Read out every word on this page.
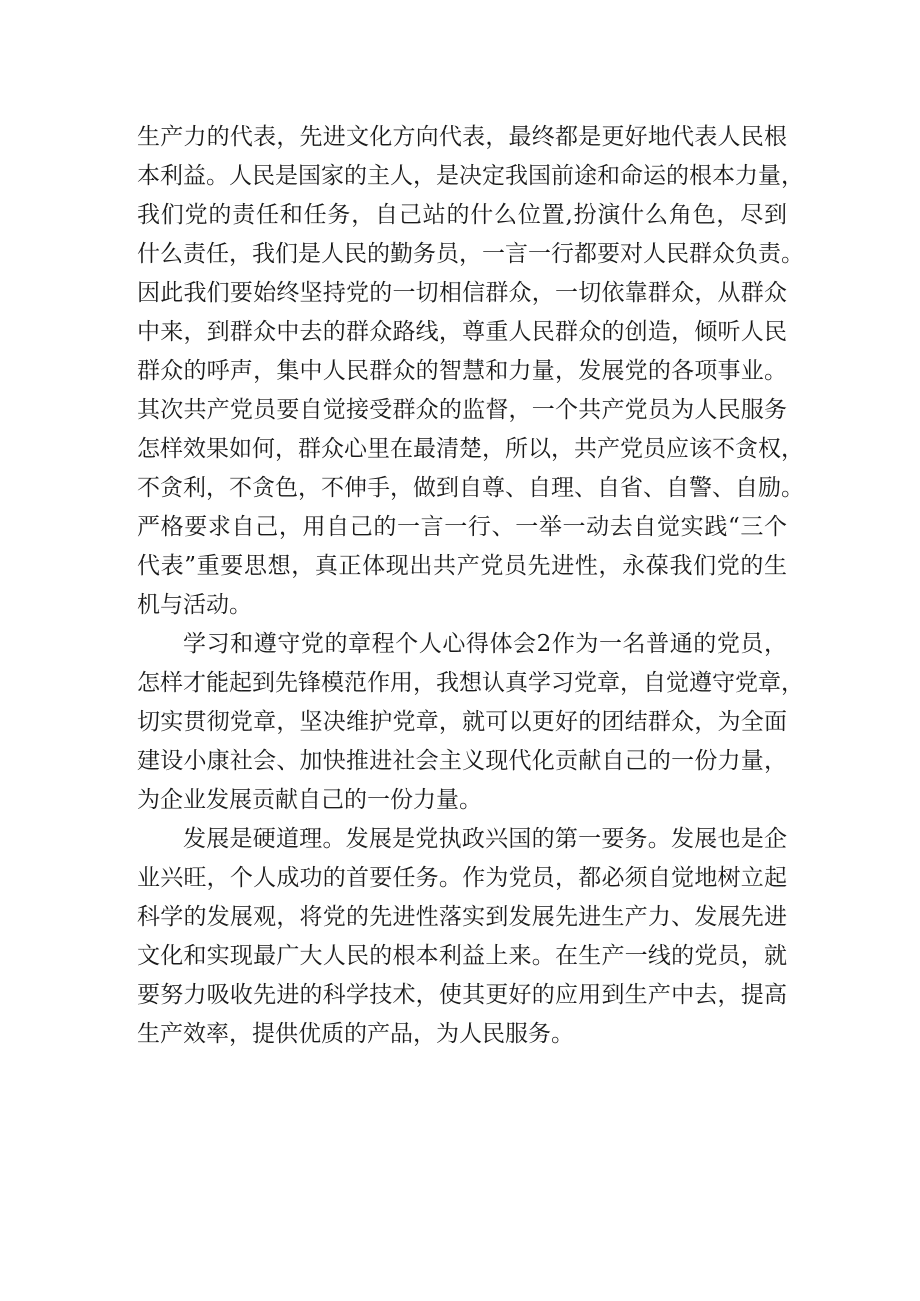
生产力的代表，先进文化方向代表，最终都是更好地代表人民根
本利益。人民是国家的主人，是决定我国前途和命运的根本力量，
我们党的责任和任务，自己站的什么位置,扮演什么角色，尽到
什么责任，我们是人民的勤务员，一言一行都要对人民群众负责。
因此我们要始终坚持党的一切相信群众，一切依靠群众，从群众
中来，到群众中去的群众路线，尊重人民群众的创造，倾听人民
群众的呼声，集中人民群众的智慧和力量，发展党的各项事业。
其次共产党员要自觉接受群众的监督，一个共产党员为人民服务
怎样效果如何，群众心里在最清楚，所以，共产党员应该不贪权，
不贪利，不贪色，不伸手，做到自尊、自理、自省、自警、自励。
严格要求自己，用自己的一言一行、一举一动去自觉实践“三个
代表”重要思想，真正体现出共产党员先进性，永葆我们党的生
机与活动。
学习和遵守党的章程个人心得体会2作为一名普通的党员，
怎样才能起到先锋模范作用，我想认真学习党章，自觉遵守党章，
切实贯彻党章，坚决维护党章，就可以更好的团结群众，为全面
建设小康社会、加快推进社会主义现代化贡献自己的一份力量，
为企业发展贡献自己的一份力量。
发展是硬道理。发展是党执政兴国的第一要务。发展也是企
业兴旺，个人成功的首要任务。作为党员，都必须自觉地树立起
科学的发展观，将党的先进性落实到发展先进生产力、发展先进
文化和实现最广大人民的根本利益上来。在生产一线的党员，就
要努力吸收先进的科学技术，使其更好的应用到生产中去，提高
生产效率，提供优质的产品，为人民服务。
